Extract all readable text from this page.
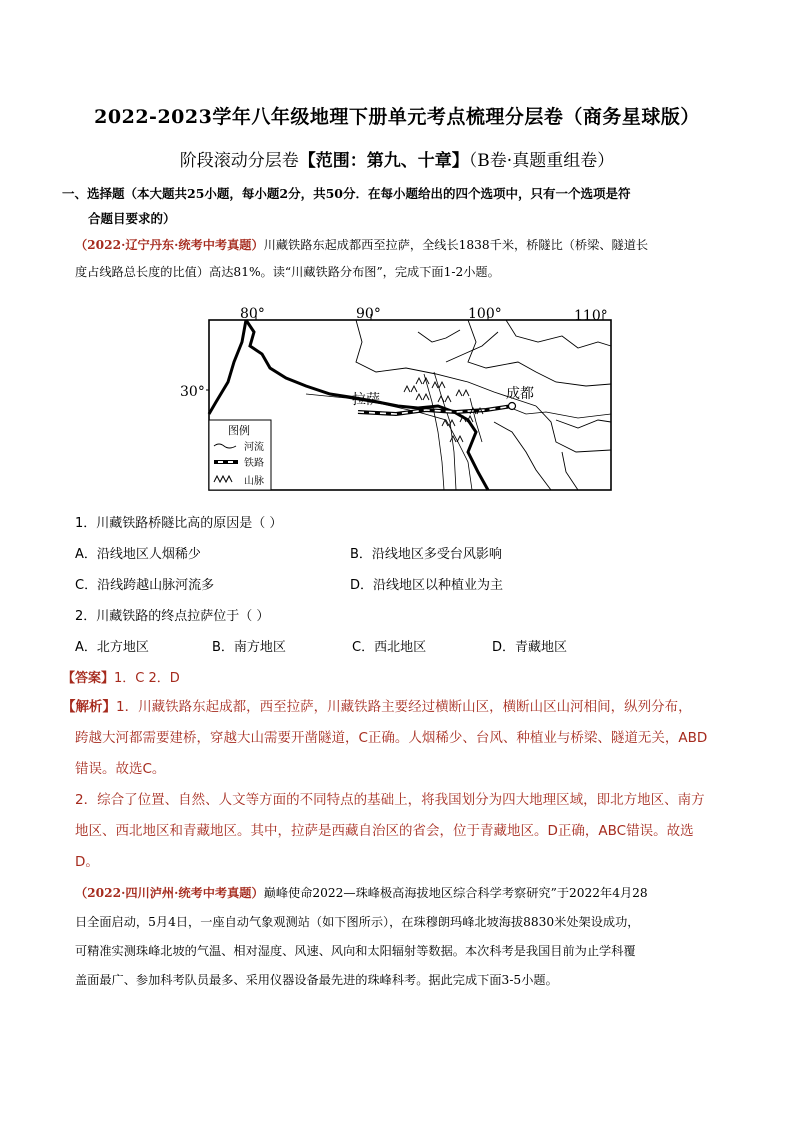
2022-2023学年八年级地理下册单元考点梳理分层卷（商务星球版）
阶段滚动分层卷【范围：第九、十章】（B卷·真题重组卷）
一、选择题（本大题共25小题，每小题2分，共50分．在每小题给出的四个选项中，只有一个选项是符
合题目要求的）
（2022·辽宁丹东·统考中考真题）川藏铁路东起成都西至拉萨，全线长1838千米，桥隧比（桥梁、隧道长
度占线路总长度的比值）高达81%。读“川藏铁路分布图”，完成下面1-2小题。
80°	90°	100°	110°
30°	成都
拉萨
图例
河流
铁路
山脉
1．川藏铁路桥隧比高的原因是（ ）
A．沿线地区人烟稀少	B．沿线地区多受台风影响
C．沿线跨越山脉河流多	D．沿线地区以种植业为主
2．川藏铁路的终点拉萨位于（ ）
A．北方地区	B．南方地区	C．西北地区	D．青藏地区
【答案】1．C 2．D
【解析】1．川藏铁路东起成都，西至拉萨，川藏铁路主要经过横断山区，横断山区山河相间，纵列分布，
跨越大河都需要建桥，穿越大山需要开凿隧道，C正确。人烟稀少、台风、种植业与桥梁、隧道无关，ABD
错误。故选C。
2．综合了位置、自然、人文等方面的不同特点的基础上，将我国划分为四大地理区域，即北方地区、南方
地区、西北地区和青藏地区。其中，拉萨是西藏自治区的省会，位于青藏地区。D正确，ABC错误。故选
D。
（2022·四川泸州·统考中考真题）巅峰使命2022—珠峰极高海拔地区综合科学考察研究”于2022年4月28
日全面启动，5月4日，一座自动气象观测站（如下图所示），在珠穆朗玛峰北坡海拔8830米处架设成功，
可精准实测珠峰北坡的气温、相对湿度、风速、风向和太阳辐射等数据。本次科考是我国目前为止学科覆
盖面最广、参加科考队员最多、采用仪器设备最先进的珠峰科考。据此完成下面3-5小题。
